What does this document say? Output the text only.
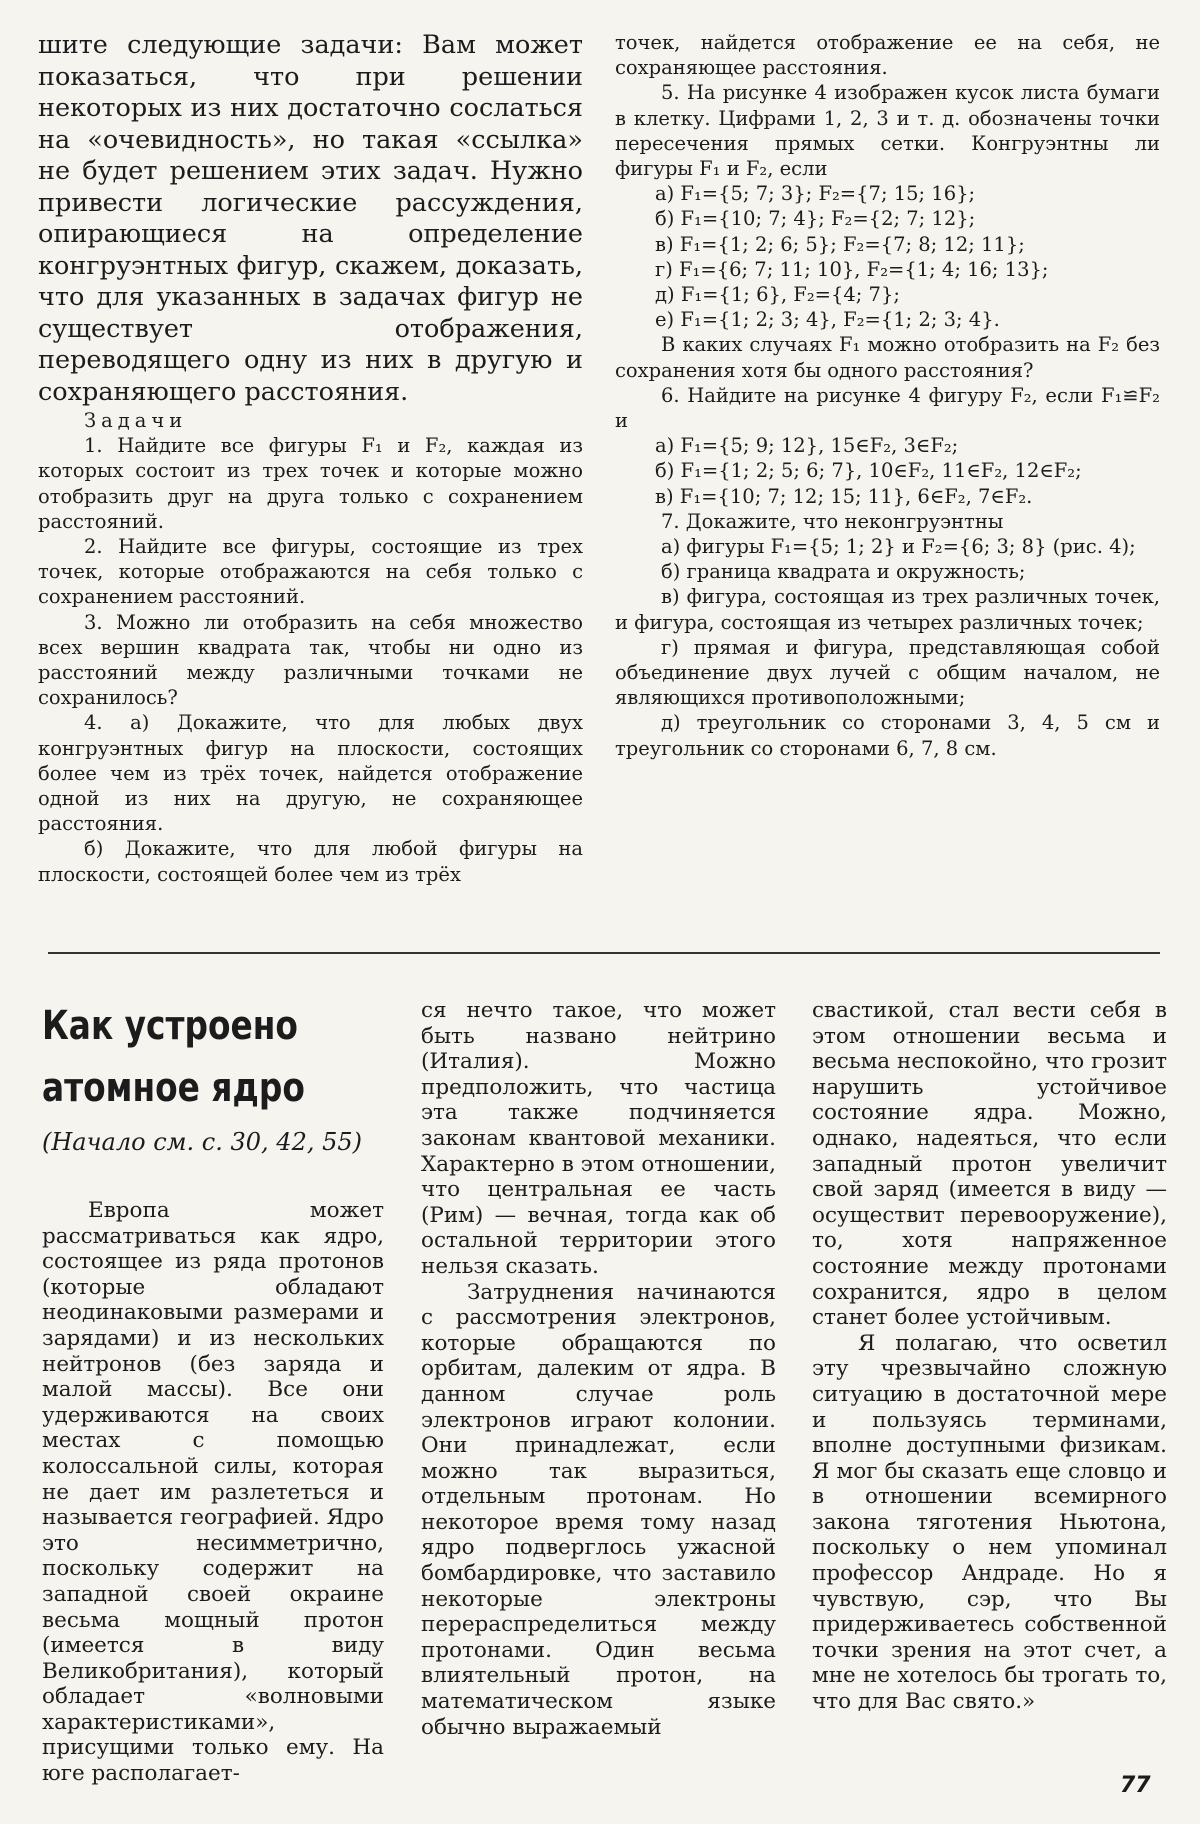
шите следующие задачи: Вам может показаться, что при решении некоторых из них достаточно сослаться на «очевидность», но такая «ссылка» не будет решением этих задач. Нужно привести логические рассуждения, опирающиеся на определение конгруэнтных фигур, скажем, доказать, что для указанных в задачах фигур не существует отображения, переводящего одну из них в другую и сохраняющего расстояния.

Задачи

1. Найдите все фигуры F₁ и F₂, каждая из которых состоит из трех точек и которые можно отобразить друг на друга только с сохранением расстояний.

2. Найдите все фигуры, состоящие из трех точек, которые отображаются на себя только с сохранением расстояний.

3. Можно ли отобразить на себя множество всех вершин квадрата так, чтобы ни одно из расстояний между различными точками не сохранилось?

4. а) Докажите, что для любых двух конгруэнтных фигур на плоскости, состоящих более чем из трёх точек, найдется отображение одной из них на другую, не сохраняющее расстояния.

б) Докажите, что для любой фигуры на плоскости, состоящей более чем из трёх

точек, найдется отображение ее на себя, не сохраняющее расстояния.

5. На рисунке 4 изображен кусок листа бумаги в клетку. Цифрами 1, 2, 3 и т. д. обозначены точки пересечения прямых сетки. Конгруэнтны ли фигуры F₁ и F₂, если

а) F₁={5; 7; 3}; F₂={7; 15; 16};

б) F₁={10; 7; 4}; F₂={2; 7; 12};

в) F₁={1; 2; 6; 5}; F₂={7; 8; 12; 11};

г) F₁={6; 7; 11; 10}, F₂={1; 4; 16; 13};

д) F₁={1; 6}, F₂={4; 7};

е) F₁={1; 2; 3; 4}, F₂={1; 2; 3; 4}.

В каких случаях F₁ можно отобразить на F₂ без сохранения хотя бы одного расстояния?

6. Найдите на рисунке 4 фигуру F₂, если F₁≌F₂ и

а) F₁={5; 9; 12}, 15∈F₂, 3∈F₂;

б) F₁={1; 2; 5; 6; 7}, 10∈F₂, 11∈F₂, 12∈F₂;

в) F₁={10; 7; 12; 15; 11}, 6∈F₂, 7∈F₂.

7. Докажите, что неконгруэнтны

а) фигуры F₁={5; 1; 2} и F₂={6; 3; 8} (рис. 4);

б) граница квадрата и окружность;

в) фигура, состоящая из трех различных точек, и фигура, состоящая из четырех различных точек;

г) прямая и фигура, представляющая собой объединение двух лучей с общим началом, не являющихся противоположными;

д) треугольник со сторонами 3, 4, 5 см и треугольник со сторонами 6, 7, 8 см.

Как устроено атомное ядро

(Начало см. с. 30, 42, 55)

Европа может рассматриваться как ядро, состоящее из ряда протонов (которые обладают неодинаковыми размерами и зарядами) и из нескольких нейтронов (без заряда и малой массы). Все они удерживаются на своих местах с помощью колоссальной силы, которая не дает им разлететься и называется географией. Ядро это несимметрично, поскольку содержит на западной своей окраине весьма мощный протон (имеется в виду Великобритания), который обладает «волновыми характеристиками», присущими только ему. На юге располагает-

ся нечто такое, что может быть названо нейтрино (Италия). Можно предположить, что частица эта также подчиняется законам квантовой механики. Характерно в этом отношении, что центральная ее часть (Рим) — вечная, тогда как об остальной территории этого нельзя сказать.

Затруднения начинаются с рассмотрения электронов, которые обращаются по орбитам, далеким от ядра. В данном случае роль электронов играют колонии. Они принадлежат, если можно так выразиться, отдельным протонам. Но некоторое время тому назад ядро подверглось ужасной бомбардировке, что заставило некоторые электроны перераспределиться между протонами. Один весьма влиятельный протон, на математическом языке обычно выражаемый

свастикой, стал вести себя в этом отношении весьма и весьма неспокойно, что грозит нарушить устойчивое состояние ядра. Можно, однако, надеяться, что если западный протон увеличит свой заряд (имеется в виду — осуществит перевооружение), то, хотя напряженное состояние между протонами сохранится, ядро в целом станет более устойчивым.

Я полагаю, что осветил эту чрезвычайно сложную ситуацию в достаточной мере и пользуясь терминами, вполне доступными физикам. Я мог бы сказать еще словцо и в отношении всемирного закона тяготения Ньютона, поскольку о нем упоминал профессор Андраде. Но я чувствую, сэр, что Вы придерживаетесь собственной точки зрения на этот счет, а мне не хотелось бы трогать то, что для Вас свято.»

77
